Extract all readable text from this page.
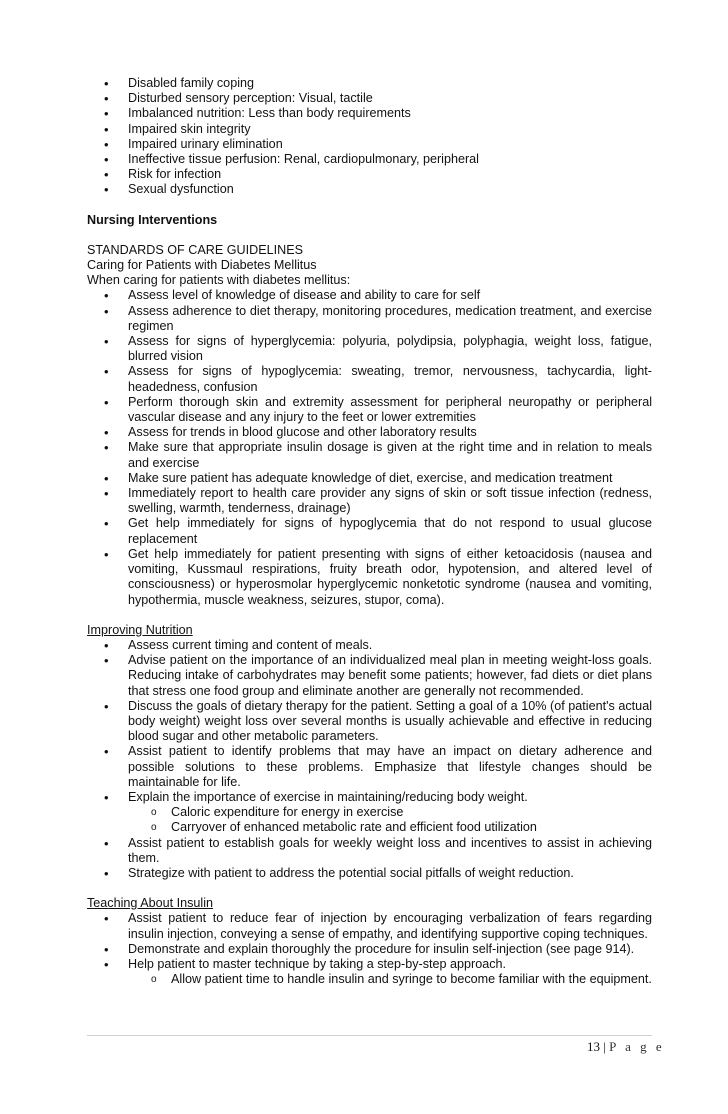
• Disabled family coping
• Disturbed sensory perception: Visual, tactile
• Imbalanced nutrition: Less than body requirements
• Impaired skin integrity
• Impaired urinary elimination
• Ineffective tissue perfusion: Renal, cardiopulmonary, peripheral
• Risk for infection
• Sexual dysfunction
Nursing Interventions
STANDARDS OF CARE GUIDELINES
Caring for Patients with Diabetes Mellitus
When caring for patients with diabetes mellitus:
• Assess level of knowledge of disease and ability to care for self
• Assess adherence to diet therapy, monitoring procedures, medication treatment, and exercise regimen
• Assess for signs of hyperglycemia: polyuria, polydipsia, polyphagia, weight loss, fatigue, blurred vision
• Assess for signs of hypoglycemia: sweating, tremor, nervousness, tachycardia, light-headedness, confusion
• Perform thorough skin and extremity assessment for peripheral neuropathy or peripheral vascular disease and any injury to the feet or lower extremities
• Assess for trends in blood glucose and other laboratory results
• Make sure that appropriate insulin dosage is given at the right time and in relation to meals and exercise
• Make sure patient has adequate knowledge of diet, exercise, and medication treatment
• Immediately report to health care provider any signs of skin or soft tissue infection (redness, swelling, warmth, tenderness, drainage)
• Get help immediately for signs of hypoglycemia that do not respond to usual glucose replacement
• Get help immediately for patient presenting with signs of either ketoacidosis (nausea and vomiting, Kussmaul respirations, fruity breath odor, hypotension, and altered level of consciousness) or hyperosmolar hyperglycemic nonketotic syndrome (nausea and vomiting, hypothermia, muscle weakness, seizures, stupor, coma).
Improving Nutrition
• Assess current timing and content of meals.
• Advise patient on the importance of an individualized meal plan in meeting weight-loss goals. Reducing intake of carbohydrates may benefit some patients; however, fad diets or diet plans that stress one food group and eliminate another are generally not recommended.
• Discuss the goals of dietary therapy for the patient. Setting a goal of a 10% (of patient's actual body weight) weight loss over several months is usually achievable and effective in reducing blood sugar and other metabolic parameters.
• Assist patient to identify problems that may have an impact on dietary adherence and possible solutions to these problems. Emphasize that lifestyle changes should be maintainable for life.
• Explain the importance of exercise in maintaining/reducing body weight.
o Caloric expenditure for energy in exercise
o Carryover of enhanced metabolic rate and efficient food utilization
• Assist patient to establish goals for weekly weight loss and incentives to assist in achieving them.
• Strategize with patient to address the potential social pitfalls of weight reduction.
Teaching About Insulin
• Assist patient to reduce fear of injection by encouraging verbalization of fears regarding insulin injection, conveying a sense of empathy, and identifying supportive coping techniques.
• Demonstrate and explain thoroughly the procedure for insulin self-injection (see page 914).
• Help patient to master technique by taking a step-by-step approach.
o Allow patient time to handle insulin and syringe to become familiar with the equipment.
13 | P a g e
